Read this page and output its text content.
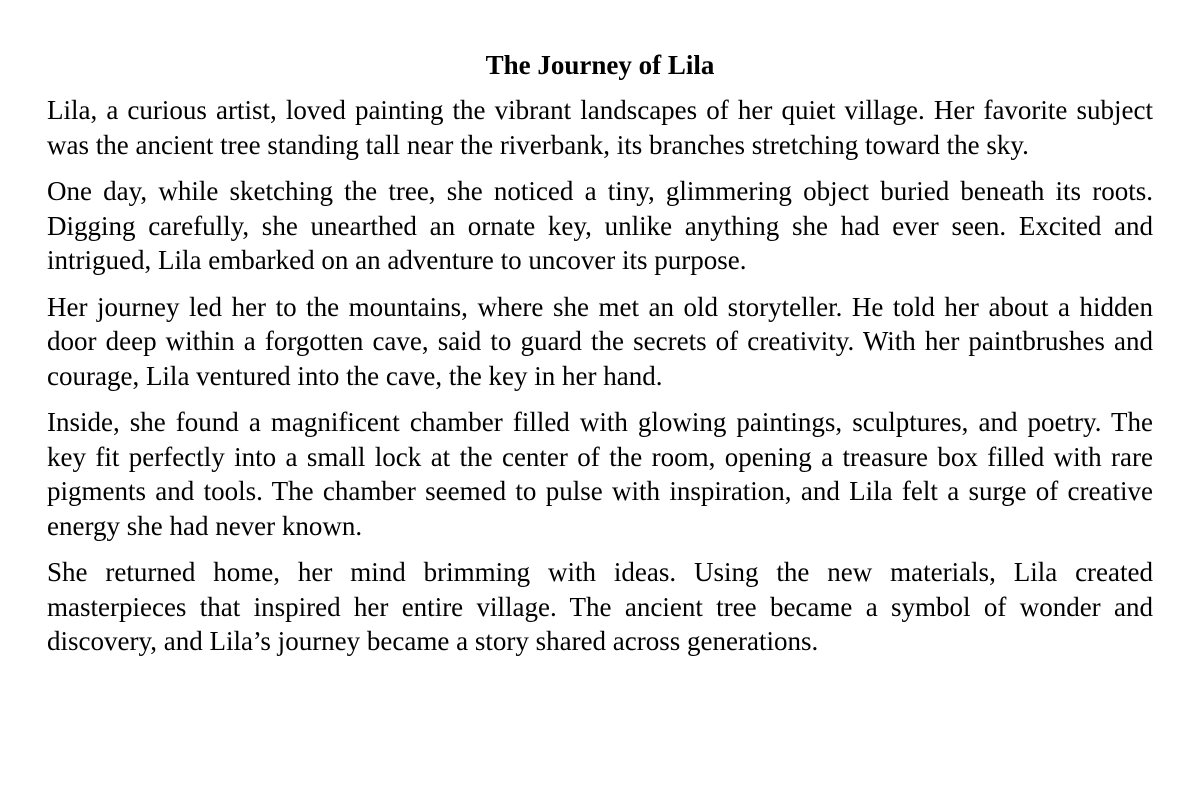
The Journey of Lila

Lila, a curious artist, loved painting the vibrant landscapes of her quiet village. Her favorite subject was the ancient tree standing tall near the riverbank, its branches stretching toward the sky.

One day, while sketching the tree, she noticed a tiny, glimmering object buried beneath its roots. Digging carefully, she unearthed an ornate key, unlike anything she had ever seen. Excited and intrigued, Lila embarked on an adventure to uncover its purpose.

Her journey led her to the mountains, where she met an old storyteller. He told her about a hidden door deep within a forgotten cave, said to guard the secrets of creativity. With her paintbrushes and courage, Lila ventured into the cave, the key in her hand.

Inside, she found a magnificent chamber filled with glowing paintings, sculptures, and poetry. The key fit perfectly into a small lock at the center of the room, opening a treasure box filled with rare pigments and tools. The chamber seemed to pulse with inspiration, and Lila felt a surge of creative energy she had never known.

She returned home, her mind brimming with ideas. Using the new materials, Lila created masterpieces that inspired her entire village. The ancient tree became a symbol of wonder and discovery, and Lila’s journey became a story shared across generations.
